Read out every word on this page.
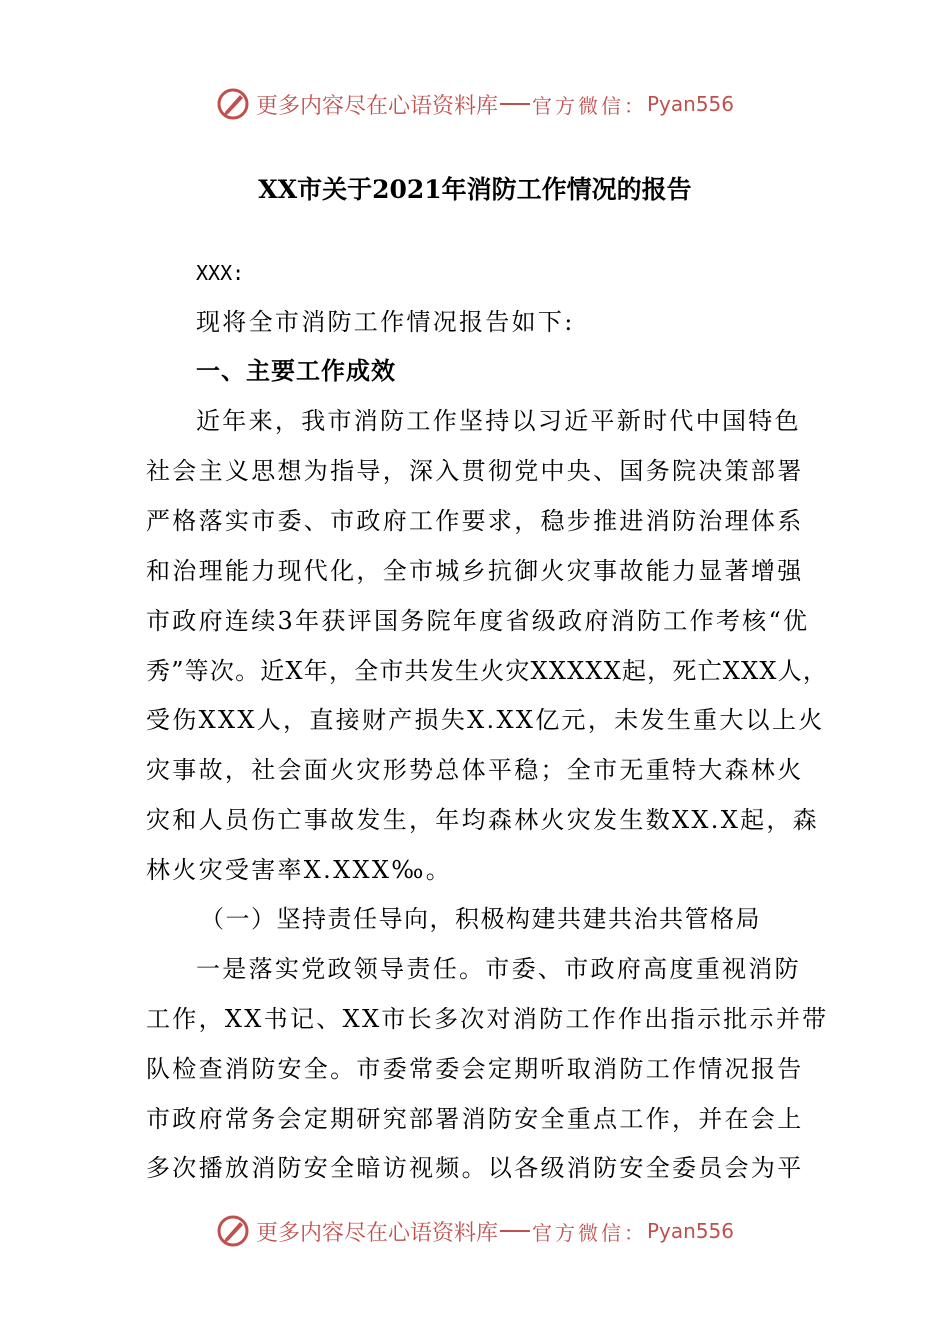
更多内容尽在心语资料库 官方微信： Pyan556
XX市关于2021年消防工作情况的报告
XXX:
现将全市消防工作情况报告如下:
一、主要工作成效
近年来，我市消防工作坚持以习近平新时代中国特色
社会主义思想为指导，深入贯彻党中央、国务院决策部署
严格落实市委、市政府工作要求，稳步推进消防治理体系
和治理能力现代化，全市城乡抗御火灾事故能力显著增强
市政府连续3年获评国务院年度省级政府消防工作考核“优
秀”等次。近X年，全市共发生火灾XXXXX起，死亡XXX人，
受伤XXX人，直接财产损失X.XX亿元，未发生重大以上火
灾事故，社会面火灾形势总体平稳；全市无重特大森林火
灾和人员伤亡事故发生，年均森林火灾发生数XX.X起，森
林火灾受害率X.XXX‰。
（一）坚持责任导向，积极构建共建共治共管格局
一是落实党政领导责任。市委、市政府高度重视消防
工作，XX书记、XX市长多次对消防工作作出指示批示并带
队检查消防安全。市委常委会定期听取消防工作情况报告
市政府常务会定期研究部署消防安全重点工作，并在会上
多次播放消防安全暗访视频。以各级消防安全委员会为平
更多内容尽在心语资料库 官方微信： Pyan556
